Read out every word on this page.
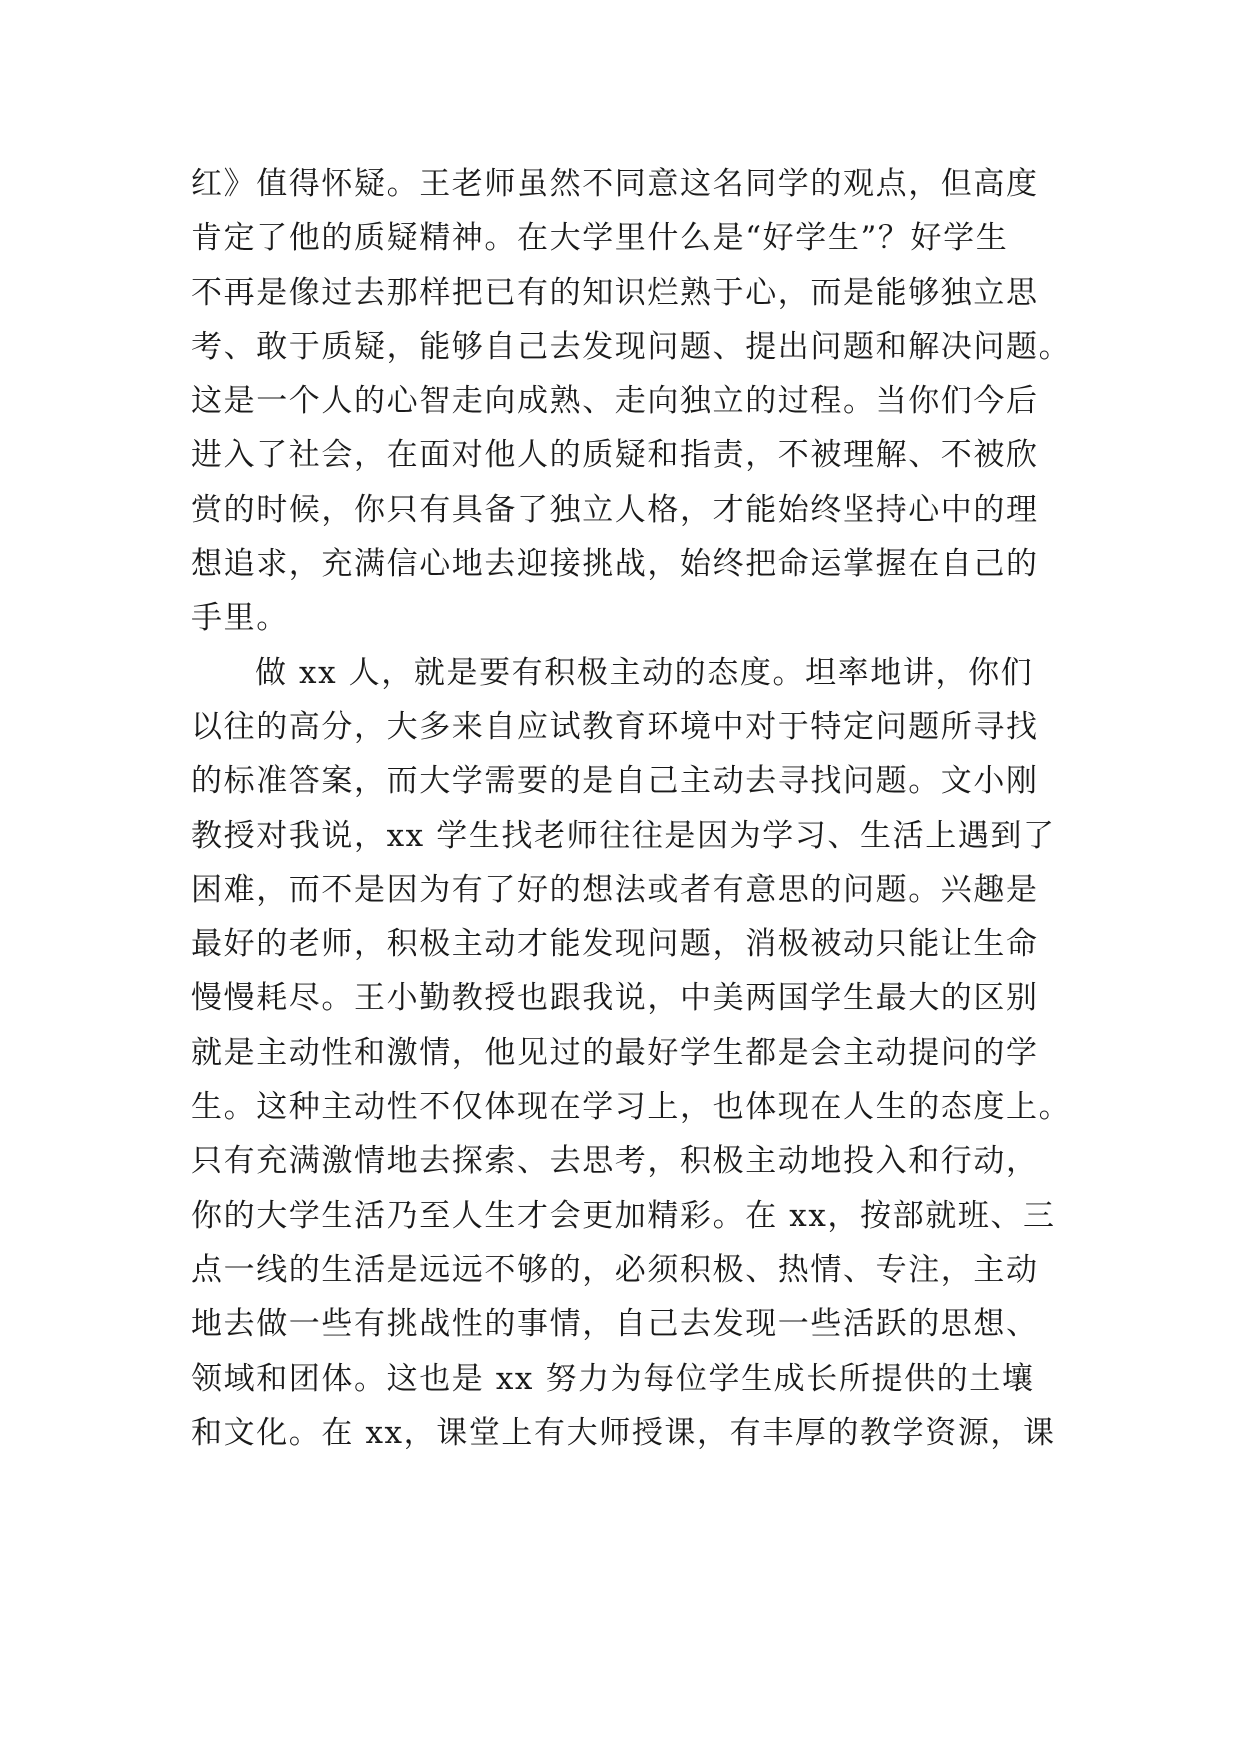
红》值得怀疑。王老师虽然不同意这名同学的观点，但高度
肯定了他的质疑精神。在大学里什么是“好学生”？好学生
不再是像过去那样把已有的知识烂熟于心，而是能够独立思
考、敢于质疑，能够自己去发现问题、提出问题和解决问题。
这是一个人的心智走向成熟、走向独立的过程。当你们今后
进入了社会，在面对他人的质疑和指责，不被理解、不被欣
赏的时候，你只有具备了独立人格，才能始终坚持心中的理
想追求，充满信心地去迎接挑战，始终把命运掌握在自己的
手里。
做 xx 人，就是要有积极主动的态度。坦率地讲，你们
以往的高分，大多来自应试教育环境中对于特定问题所寻找
的标准答案，而大学需要的是自己主动去寻找问题。文小刚
教授对我说，xx 学生找老师往往是因为学习、生活上遇到了
困难，而不是因为有了好的想法或者有意思的问题。兴趣是
最好的老师，积极主动才能发现问题，消极被动只能让生命
慢慢耗尽。王小勤教授也跟我说，中美两国学生最大的区别
就是主动性和激情，他见过的最好学生都是会主动提问的学
生。这种主动性不仅体现在学习上，也体现在人生的态度上。
只有充满激情地去探索、去思考，积极主动地投入和行动，
你的大学生活乃至人生才会更加精彩。在 xx，按部就班、三
点一线的生活是远远不够的，必须积极、热情、专注，主动
地去做一些有挑战性的事情，自己去发现一些活跃的思想、
领域和团体。这也是 xx 努力为每位学生成长所提供的土壤
和文化。在 xx，课堂上有大师授课，有丰厚的教学资源，课
